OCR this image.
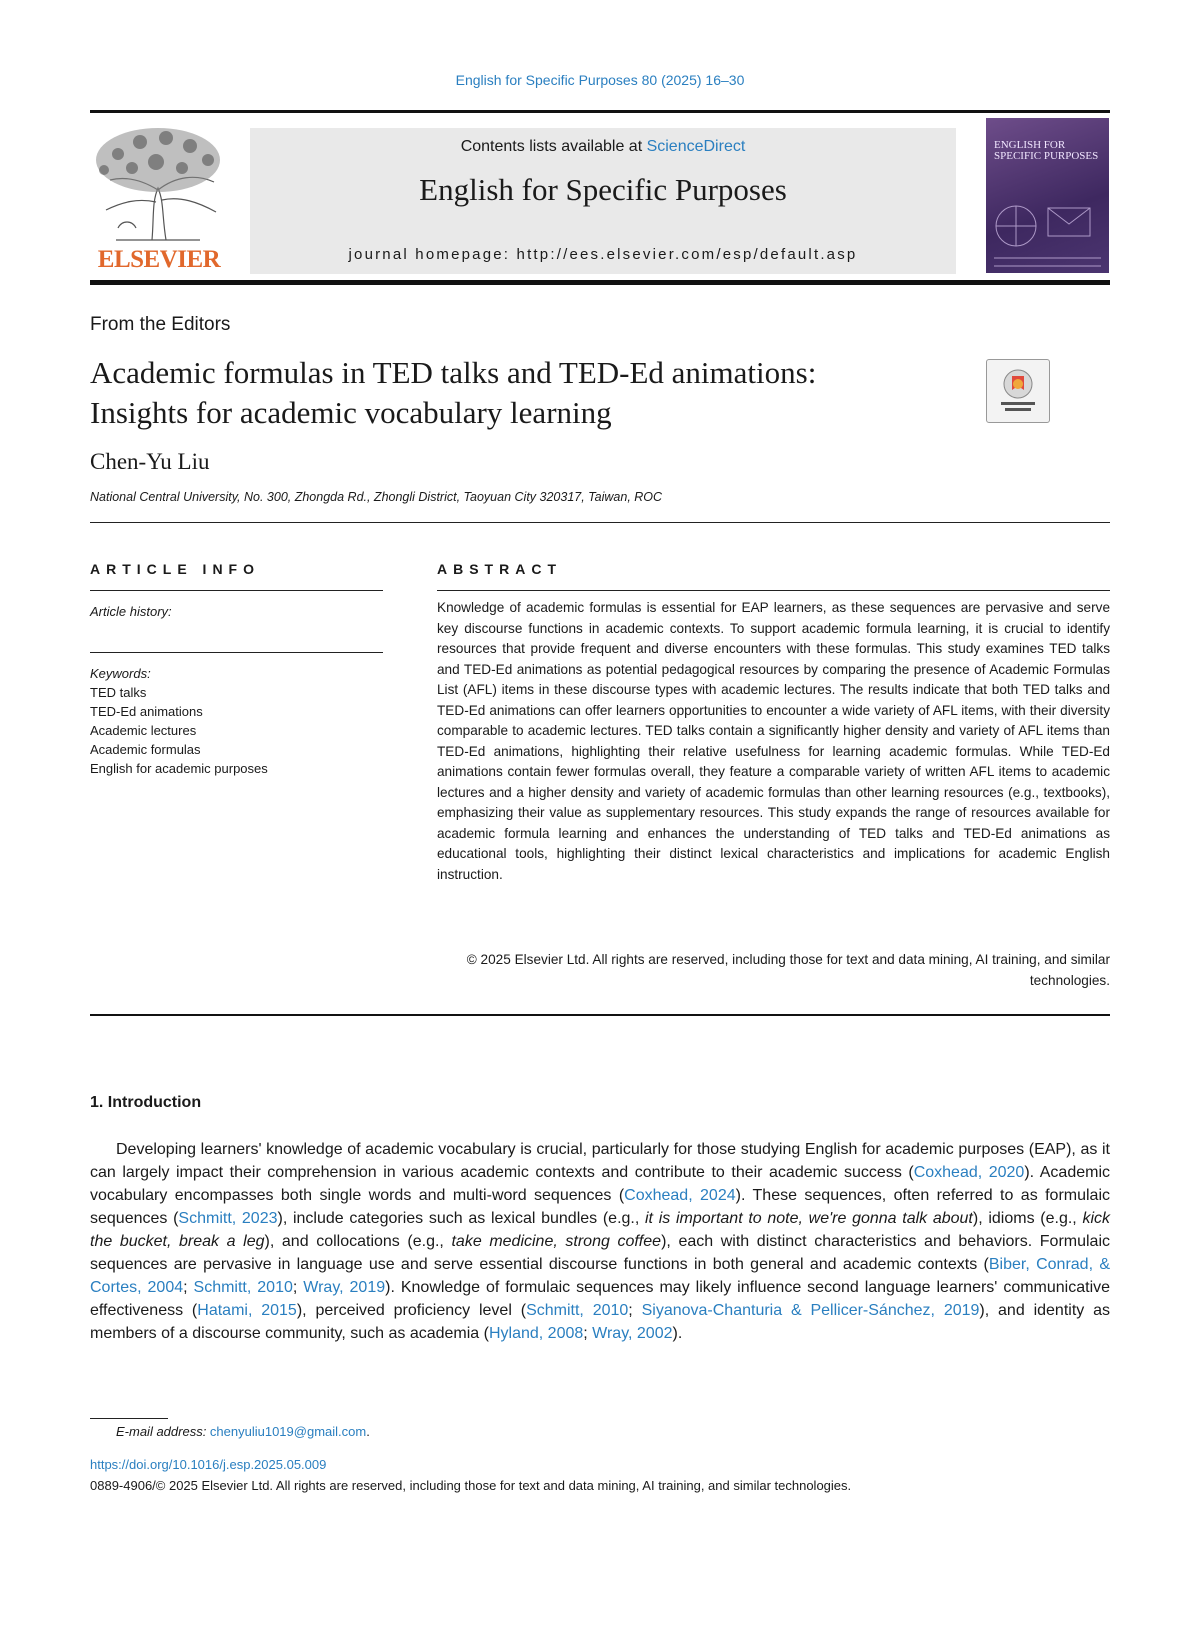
English for Specific Purposes 80 (2025) 16–30
ELSEVIER
Contents lists available at ScienceDirect
English for Specific Purposes
journal homepage: http://ees.elsevier.com/esp/default.asp
ENGLISH FOR SPECIFIC PURPOSES
From the Editors
Academic formulas in TED talks and TED-Ed animations:
Insights for academic vocabulary learning
Chen-Yu Liu
National Central University, No. 300, Zhongda Rd., Zhongli District, Taoyuan City 320317, Taiwan, ROC
ARTICLE INFO	ABSTRACT
Article history:
Keywords:
TED talks
TED-Ed animations
Academic lectures
Academic formulas
English for academic purposes
Knowledge of academic formulas is essential for EAP learners, as these sequences are pervasive and serve key discourse functions in academic contexts. To support academic formula learning, it is crucial to identify resources that provide frequent and diverse encounters with these formulas. This study examines TED talks and TED-Ed animations as potential pedagogical resources by comparing the presence of Academic Formulas List (AFL) items in these discourse types with academic lectures. The results indicate that both TED talks and TED-Ed animations can offer learners opportunities to encounter a wide variety of AFL items, with their diversity comparable to academic lectures. TED talks contain a significantly higher density and variety of AFL items than TED-Ed animations, highlighting their relative usefulness for learning academic formulas. While TED-Ed animations contain fewer formulas overall, they feature a comparable variety of written AFL items to academic lectures and a higher density and variety of academic formulas than other learning resources (e.g., textbooks), emphasizing their value as supplementary resources. This study expands the range of resources available for academic formula learning and enhances the understanding of TED talks and TED-Ed animations as educational tools, highlighting their distinct lexical characteristics and implications for academic English instruction.
© 2025 Elsevier Ltd. All rights are reserved, including those for text and data mining, AI training, and similar technologies.
1. Introduction
Developing learners' knowledge of academic vocabulary is crucial, particularly for those studying English for academic purposes (EAP), as it can largely impact their comprehension in various academic contexts and contribute to their academic success (Coxhead, 2020). Academic vocabulary encompasses both single words and multi-word sequences (Coxhead, 2024). These sequences, often referred to as formulaic sequences (Schmitt, 2023), include categories such as lexical bundles (e.g., it is important to note, we're gonna talk about), idioms (e.g., kick the bucket, break a leg), and collocations (e.g., take medicine, strong coffee), each with distinct characteristics and behaviors. Formulaic sequences are pervasive in language use and serve essential discourse functions in both general and academic contexts (Biber, Conrad, & Cortes, 2004; Schmitt, 2010; Wray, 2019). Knowledge of formulaic sequences may likely influence second language learners' communicative effectiveness (Hatami, 2015), perceived proficiency level (Schmitt, 2010; Siyanova-Chanturia & Pellicer-Sánchez, 2019), and identity as members of a discourse community, such as academia (Hyland, 2008; Wray, 2002).
E-mail address: chenyuliu1019@gmail.com.
https://doi.org/10.1016/j.esp.2025.05.009
0889-4906/© 2025 Elsevier Ltd. All rights are reserved, including those for text and data mining, AI training, and similar technologies.
